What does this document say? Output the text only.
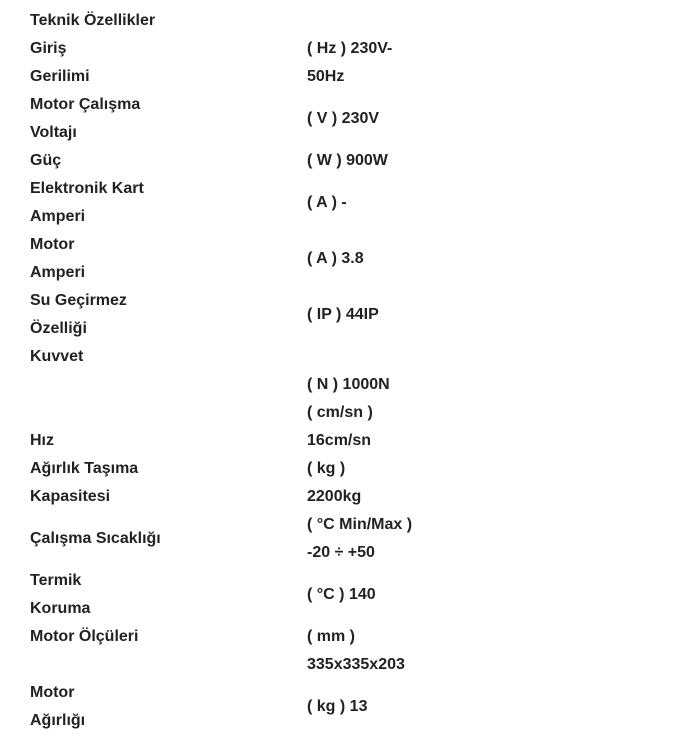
Teknik Özellikler	

Giriş
Gerilimi	( Hz ) 230V-
50Hz

Motor Çalışma
Voltajı	( V ) 230V

Güç	( W ) 900W

Elektronik Kart
Amperi	( A ) -

Motor
Amperi	( A ) 3.8

Su Geçirmez
Özelliği	( IP ) 44IP

Kuvvet	( N ) 1000N

Hız	( cm/sn )
16cm/sn

Ağırlık Taşıma
Kapasitesi	( kg )
2200kg

Çalışma Sıcaklığı	( °C Min/Max )
-20 ÷ +50

Termik
Koruma	( °C ) 140

Motor Ölçüleri	( mm )
335x335x203

Motor
Ağırlığı	( kg ) 13
